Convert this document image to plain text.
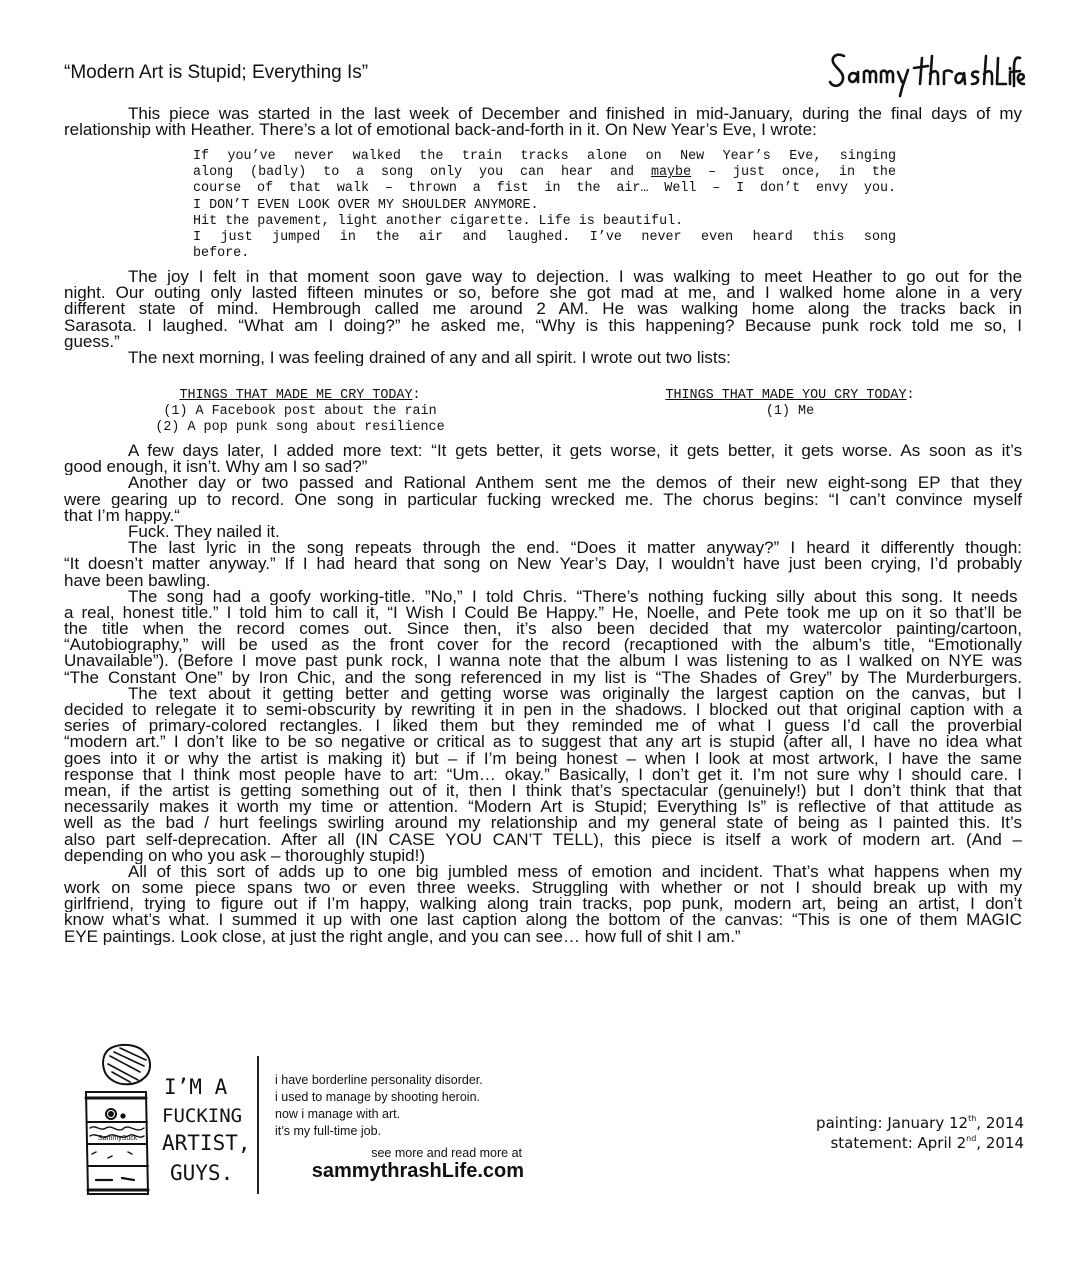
“Modern Art is Stupid; Everything Is”
This piece was started in the last week of December and finished in mid-January, during the final days of my
relationship with Heather. There’s a lot of emotional back-and-forth in it. On New Year’s Eve, I wrote:
If you’ve never walked the train tracks alone on New Year’s Eve, singing
along (badly) to a song only you can hear and maybe – just once, in the
course of that walk – thrown a fist in the air… Well – I don’t envy you.
I DON’T EVEN LOOK OVER MY SHOULDER ANYMORE.
Hit the pavement, light another cigarette. Life is beautiful.
I just jumped in the air and laughed. I’ve never even heard this song
before.
The joy I felt in that moment soon gave way to dejection. I was walking to meet Heather to go out for the
night. Our outing only lasted fifteen minutes or so, before she got mad at me, and I walked home alone in a very
different state of mind. Hembrough called me around 2 AM. He was walking home along the tracks back in
Sarasota. I laughed. “What am I doing?” he asked me, “Why is this happening? Because punk rock told me so, I
guess.”
The next morning, I was feeling drained of any and all spirit. I wrote out two lists:
THINGS THAT MADE ME CRY TODAY:
(1) A Facebook post about the rain
(2) A pop punk song about resilience
THINGS THAT MADE YOU CRY TODAY:
(1) Me
A few days later, I added more text: “It gets better, it gets worse, it gets better, it gets worse. As soon as it’s
good enough, it isn’t. Why am I so sad?”
Another day or two passed and Rational Anthem sent me the demos of their new eight-song EP that they
were gearing up to record. One song in particular fucking wrecked me. The chorus begins: “I can’t convince myself
that I’m happy.“
Fuck. They nailed it.
The last lyric in the song repeats through the end. “Does it matter anyway?” I heard it differently though:
“It doesn’t matter anyway.” If I had heard that song on New Year’s Day, I wouldn’t have just been crying, I’d probably
have been bawling.
The song had a goofy working-title. ”No,” I told Chris. “There’s nothing fucking silly about this song. It needs
a real, honest title.” I told him to call it, “I Wish I Could Be Happy.” He, Noelle, and Pete took me up on it so that’ll be
the title when the record comes out. Since then, it’s also been decided that my watercolor painting/cartoon,
“Autobiography,” will be used as the front cover for the record (recaptioned with the album’s title, “Emotionally
Unavailable”). (Before I move past punk rock, I wanna note that the album I was listening to as I walked on NYE was
“The Constant One” by Iron Chic, and the song referenced in my list is “The Shades of Grey” by The Murderburgers.
The text about it getting better and getting worse was originally the largest caption on the canvas, but I
decided to relegate it to semi-obscurity by rewriting it in pen in the shadows. I blocked out that original caption with a
series of primary-colored rectangles. I liked them but they reminded me of what I guess I’d call the proverbial
“modern art.” I don’t like to be so negative or critical as to suggest that any art is stupid (after all, I have no idea what
goes into it or why the artist is making it) but – if I’m being honest – when I look at most artwork, I have the same
response that I think most people have to art: “Um… okay.” Basically, I don’t get it. I’m not sure why I should care. I
mean, if the artist is getting something out of it, then I think that’s spectacular (genuinely!) but I don’t think that that
necessarily makes it worth my time or attention. “Modern Art is Stupid; Everything Is” is reflective of that attitude as
well as the bad / hurt feelings swirling around my relationship and my general state of being as I painted this. It’s
also part self-deprecation. After all (IN CASE YOU CAN’T TELL), this piece is itself a work of modern art. (And –
depending on who you ask – thoroughly stupid!)
All of this sort of adds up to one big jumbled mess of emotion and incident. That’s what happens when my
work on some piece spans two or even three weeks. Struggling with whether or not I should break up with my
girlfriend, trying to figure out if I’m happy, walking along train tracks, pop punk, modern art, being an artist, I don’t
know what’s what. I summed it up with one last caption along the bottom of the canvas: “This is one of them MAGIC
EYE paintings. Look close, at just the right angle, and you can see… how full of shit I am.”
SammySuck
I’M A
FUCKING
ARTIST,
GUYS.
i have borderline personality disorder.
i used to manage by shooting heroin.
now i manage with art.
it’s my full-time job.
see more and read more at
sammythrashLife.com
painting: January 12th, 2014
statement: April 2nd, 2014
